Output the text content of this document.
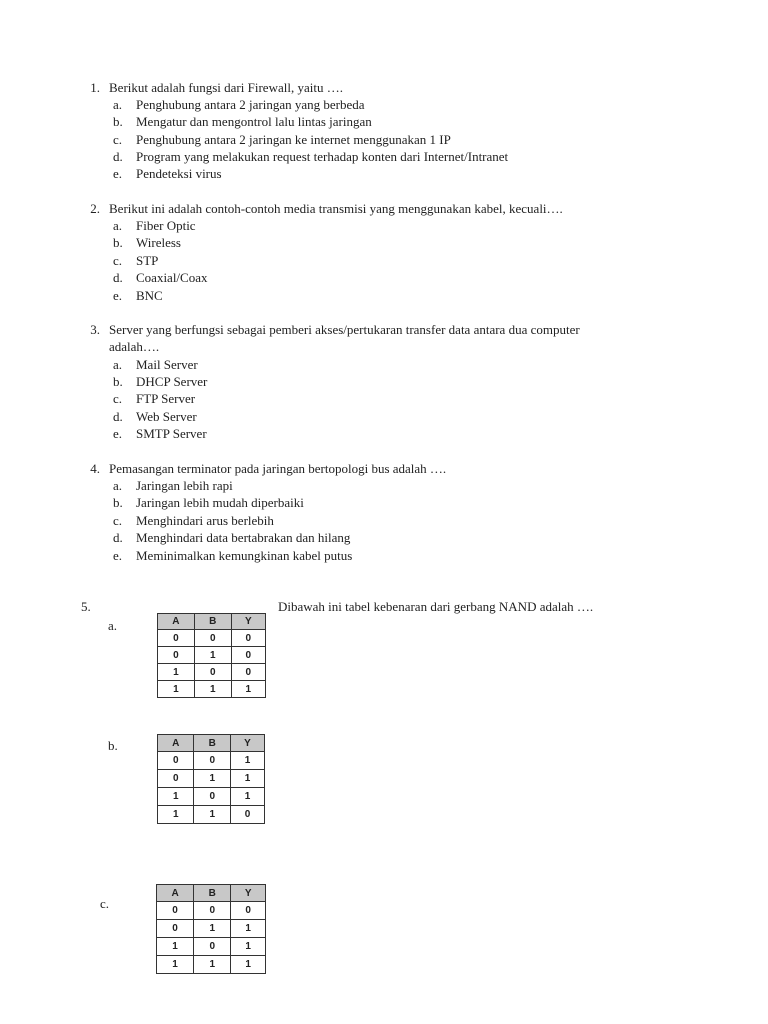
1. Berikut adalah fungsi dari Firewall, yaitu ….
a. Penghubung antara 2 jaringan yang berbeda
b. Mengatur dan mengontrol lalu lintas jaringan
c. Penghubung antara 2 jaringan ke internet menggunakan 1 IP
d. Program yang melakukan request terhadap konten dari Internet/Intranet
e. Pendeteksi virus
2. Berikut ini adalah contoh-contoh media transmisi yang menggunakan kabel, kecuali….
a. Fiber Optic
b. Wireless
c. STP
d. Coaxial/Coax
e. BNC
3. Server yang berfungsi sebagai pemberi akses/pertukaran transfer data antara dua computer
adalah….
a. Mail Server
b. DHCP Server
c. FTP Server
d. Web Server
e. SMTP Server
4. Pemasangan terminator pada jaringan bertopologi bus adalah ….
a. Jaringan lebih rapi
b. Jaringan lebih mudah diperbaiki
c. Menghindari arus berlebih
d. Menghindari data bertabrakan dan hilang
e. Meminimalkan kemungkinan kabel putus
5.	Dibawah ini tabel kebenaran dari gerbang NAND adalah ….
a.	A	B	Y
0	0	0
0	1	0
1	0	0
1	1	1
b.	A	B	Y
0	0	1
0	1	1
1	0	1
1	1	0
c.
A	B	Y
0	0	0
0	1	1
1	0	1
1	1	1
